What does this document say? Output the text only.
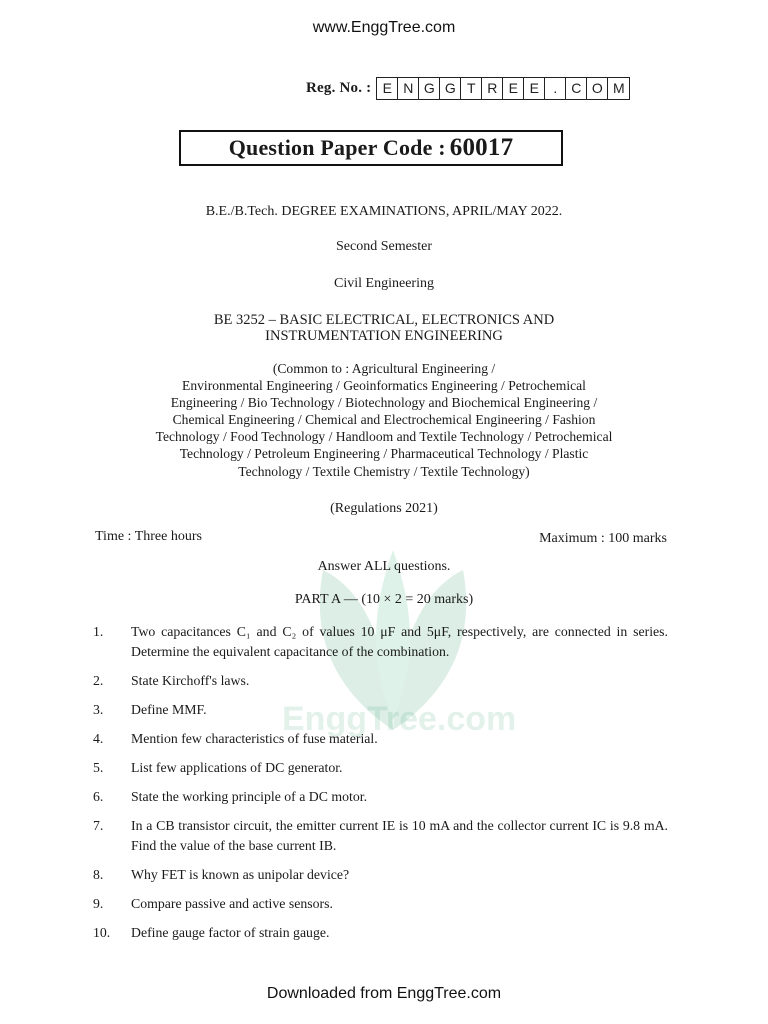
EnggTree.com
www.EnggTree.com
Reg. No. : E N G G T R E E	.	C O M
Question Paper Code : 60017
B.E./B.Tech. DEGREE EXAMINATIONS, APRIL/MAY 2022.
Second Semester
Civil Engineering
BE 3252 – BASIC ELECTRICAL, ELECTRONICS AND
INSTRUMENTATION ENGINEERING
(Common to : Agricultural Engineering /
Environmental Engineering / Geoinformatics Engineering / Petrochemical
Engineering / Bio Technology / Biotechnology and Biochemical Engineering /
Chemical Engineering / Chemical and Electrochemical Engineering / Fashion
Technology / Food Technology / Handloom and Textile Technology / Petrochemical
Technology / Petroleum Engineering / Pharmaceutical Technology / Plastic
Technology / Textile Chemistry / Textile Technology)
(Regulations 2021)
Time : Three hours	Maximum : 100 marks
Answer ALL questions.
PART A — (10 × 2 = 20 marks)
1.	Two capacitances C₁ and C₂ of values 10 μF and 5μF, respectively, are connected in series. Determine the equivalent capacitance of the combination.
2.	State Kirchoff's laws.
3.	Define MMF.
4.	Mention few characteristics of fuse material.
5.	List few applications of DC generator.
6.	State the working principle of a DC motor.
7.	In a CB transistor circuit, the emitter current IE is 10 mA and the collector current IC is 9.8 mA. Find the value of the base current IB.
8.	Why FET is known as unipolar device?
9.	Compare passive and active sensors.
10.	Define gauge factor of strain gauge.
Downloaded from EnggTree.com
